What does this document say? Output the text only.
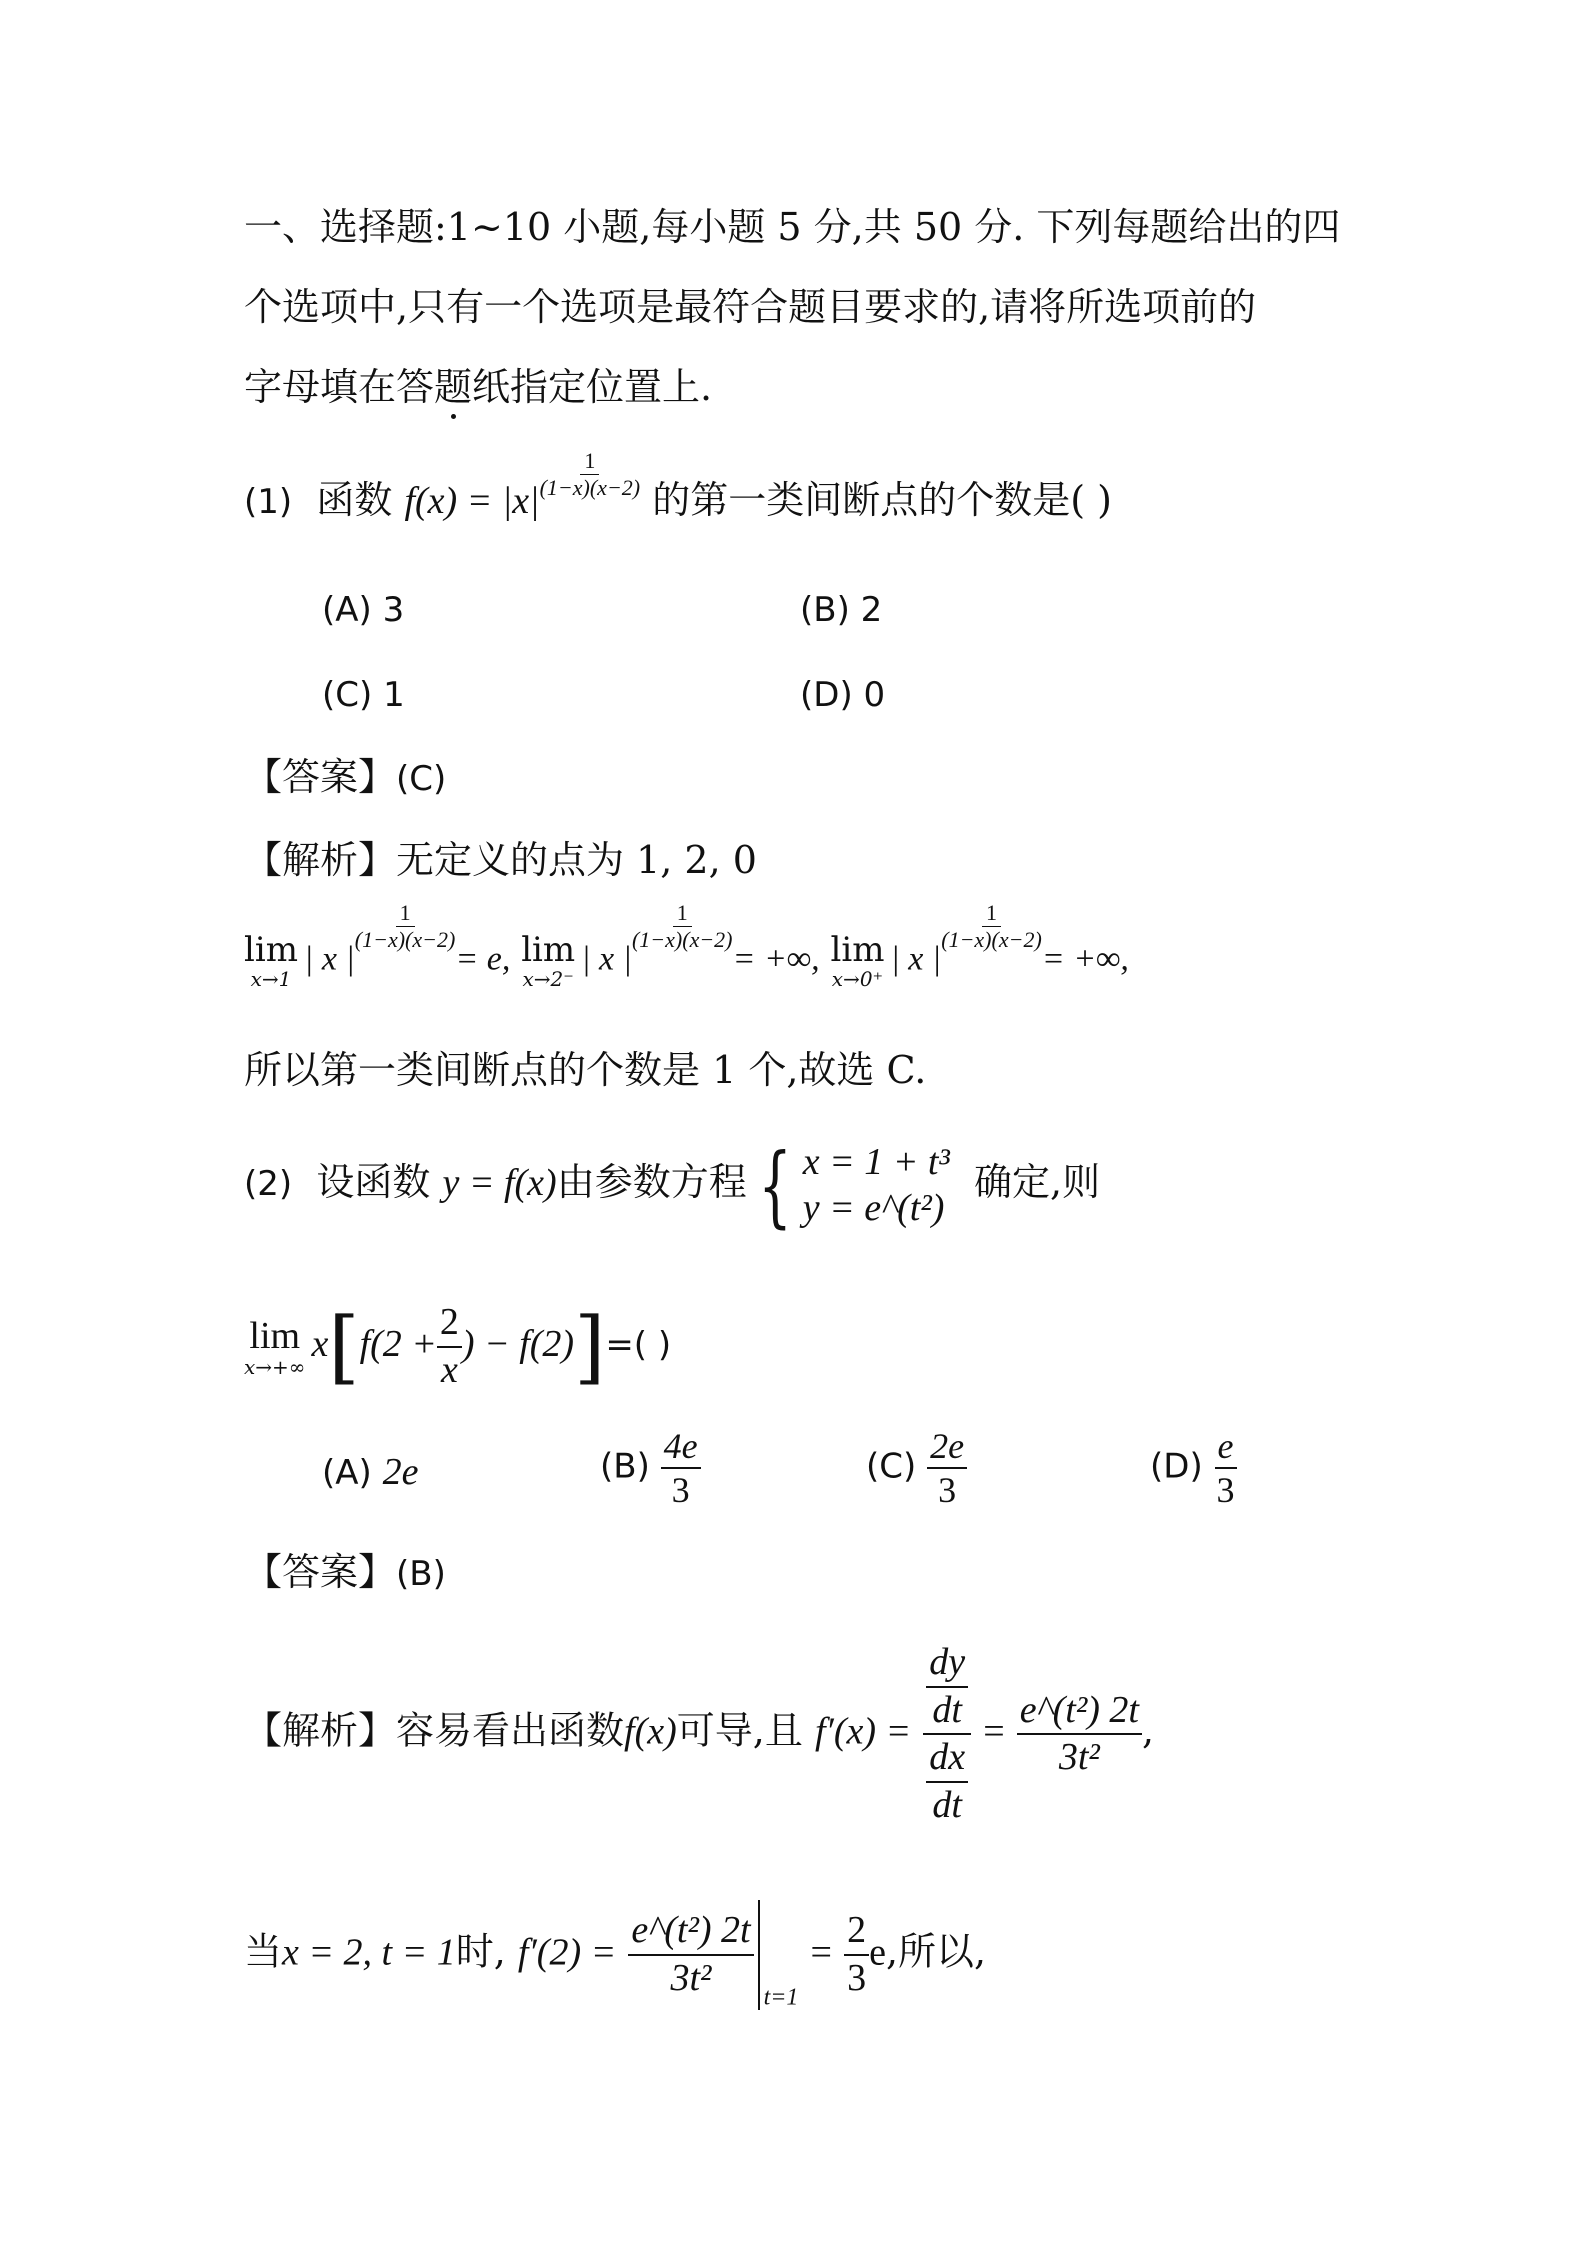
一、选择题:1~10 小题,每小题 5 分,共 50 分. 下列每题给出的四
个选项中,只有一个选项是最符合题目要求的,请将所选项前的
字母填在答题纸指定位置上.
(1) 函数 $f(x) = |x| \frac{1}{(1-x)(x-2)}$ 的第一类间断点的个数是( )
(A) 3	(B) 2
(C) 1	(D) 0
【答案】(C)
【解析】无定义的点为 1, 2, 0
lim
x→1
| x |
$\frac{1}{(1-x)(x-2)}$
= e, lim
x→2⁻
| x |
$\frac{1}{(1-x)(x-2)}$
= +∞, lim
x→0⁺
| x |
$\frac{1}{(1-x)(x-2)}$
= +∞,
所以第一类间断点的个数是 1 个,故选 C.
(2) 设函数 y = f(x)由参数方程 { x = 1 + t³
y = e^(t²)
确定,则
lim
x→+∞
$x[f(2 + \frac{2}{x}$ ) − f(2)]=( )
(A) 2e	$(B) \frac{4e}{3}$	$(C) \frac{2e}{3}$	$(D) \frac{e}{3}$
【答案】(B)
【解析】容易看出函数f(x)可导,且 $f'(x) = \frac{\frac{dy}{dt}}{\frac{dx}{dt}} = \frac{\text{e\textasciicircum{}(t²) 2t}}{\text{3t²}}$ ,
当x = 2, t = 1时, $f'(2) = \frac{\text{e\textasciicircum{}(t²) 2t}}{\text{3t²}} _{t=1} = \frac{2}{3} e$,所以,
